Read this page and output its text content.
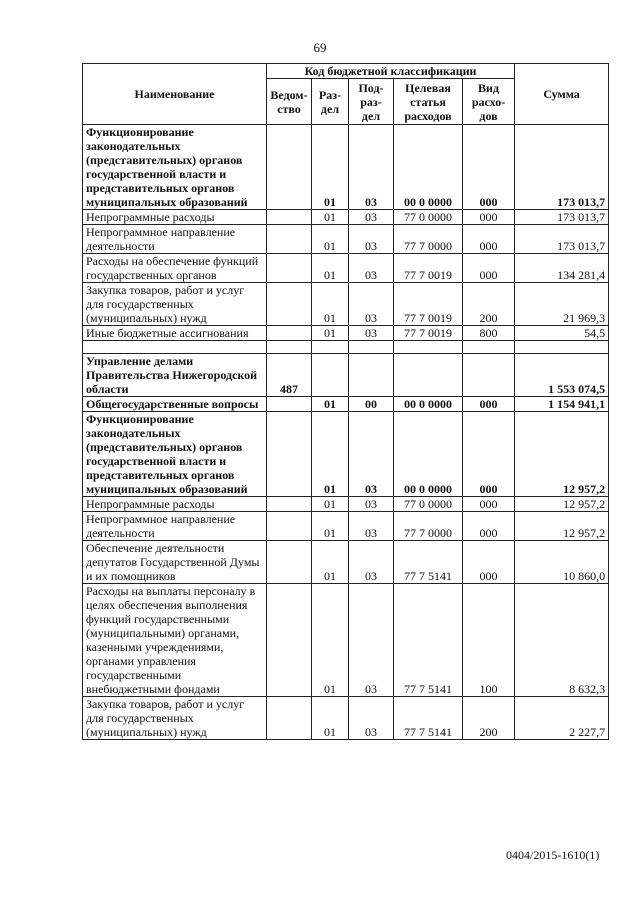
69
Наименование	Код бюджетной классификации					Сумма
	Ведом-ство	Раз-дел	Под-раз-дел	Целевая статья расходов	Вид расхо-дов	
Функционирование законодательных (представительных) органов государственной власти и представительных органов муниципальных образований		01	03	00 0 0000	000	173 013,7
Непрограммные расходы		01	03	77 0 0000	000	173 013,7
Непрограммное направление деятельности		01	03	77 7 0000	000	173 013,7
Расходы на обеспечение функций государственных органов		01	03	77 7 0019	000	134 281,4
Закупка товаров, работ и услуг для государственных (муниципальных) нужд		01	03	77 7 0019	200	21 969,3
Иные бюджетные ассигнования		01	03	77 7 0019	800	54,5

Управление делами Правительства Нижегородской области	487					1 553 074,5
Общегосударственные вопросы		01	00	00 0 0000	000	1 154 941,1
Функционирование законодательных (представительных) органов государственной власти и представительных органов муниципальных образований		01	03	00 0 0000	000	12 957,2
Непрограммные расходы		01	03	77 0 0000	000	12 957,2
Непрограммное направление деятельности		01	03	77 7 0000	000	12 957,2
Обеспечение деятельности депутатов Государственной Думы и их помощников		01	03	77 7 5141	000	10 860,0
Расходы на выплаты персоналу в целях обеспечения выполнения функций государственными (муниципальными) органами, казенными учреждениями, органами управления государственными внебюджетными фондами		01	03	77 7 5141	100	8 632,3
Закупка товаров, работ и услуг для государственных (муниципальных) нужд		01	03	77 7 5141	200	2 227,7
0404/2015-1610(1)
